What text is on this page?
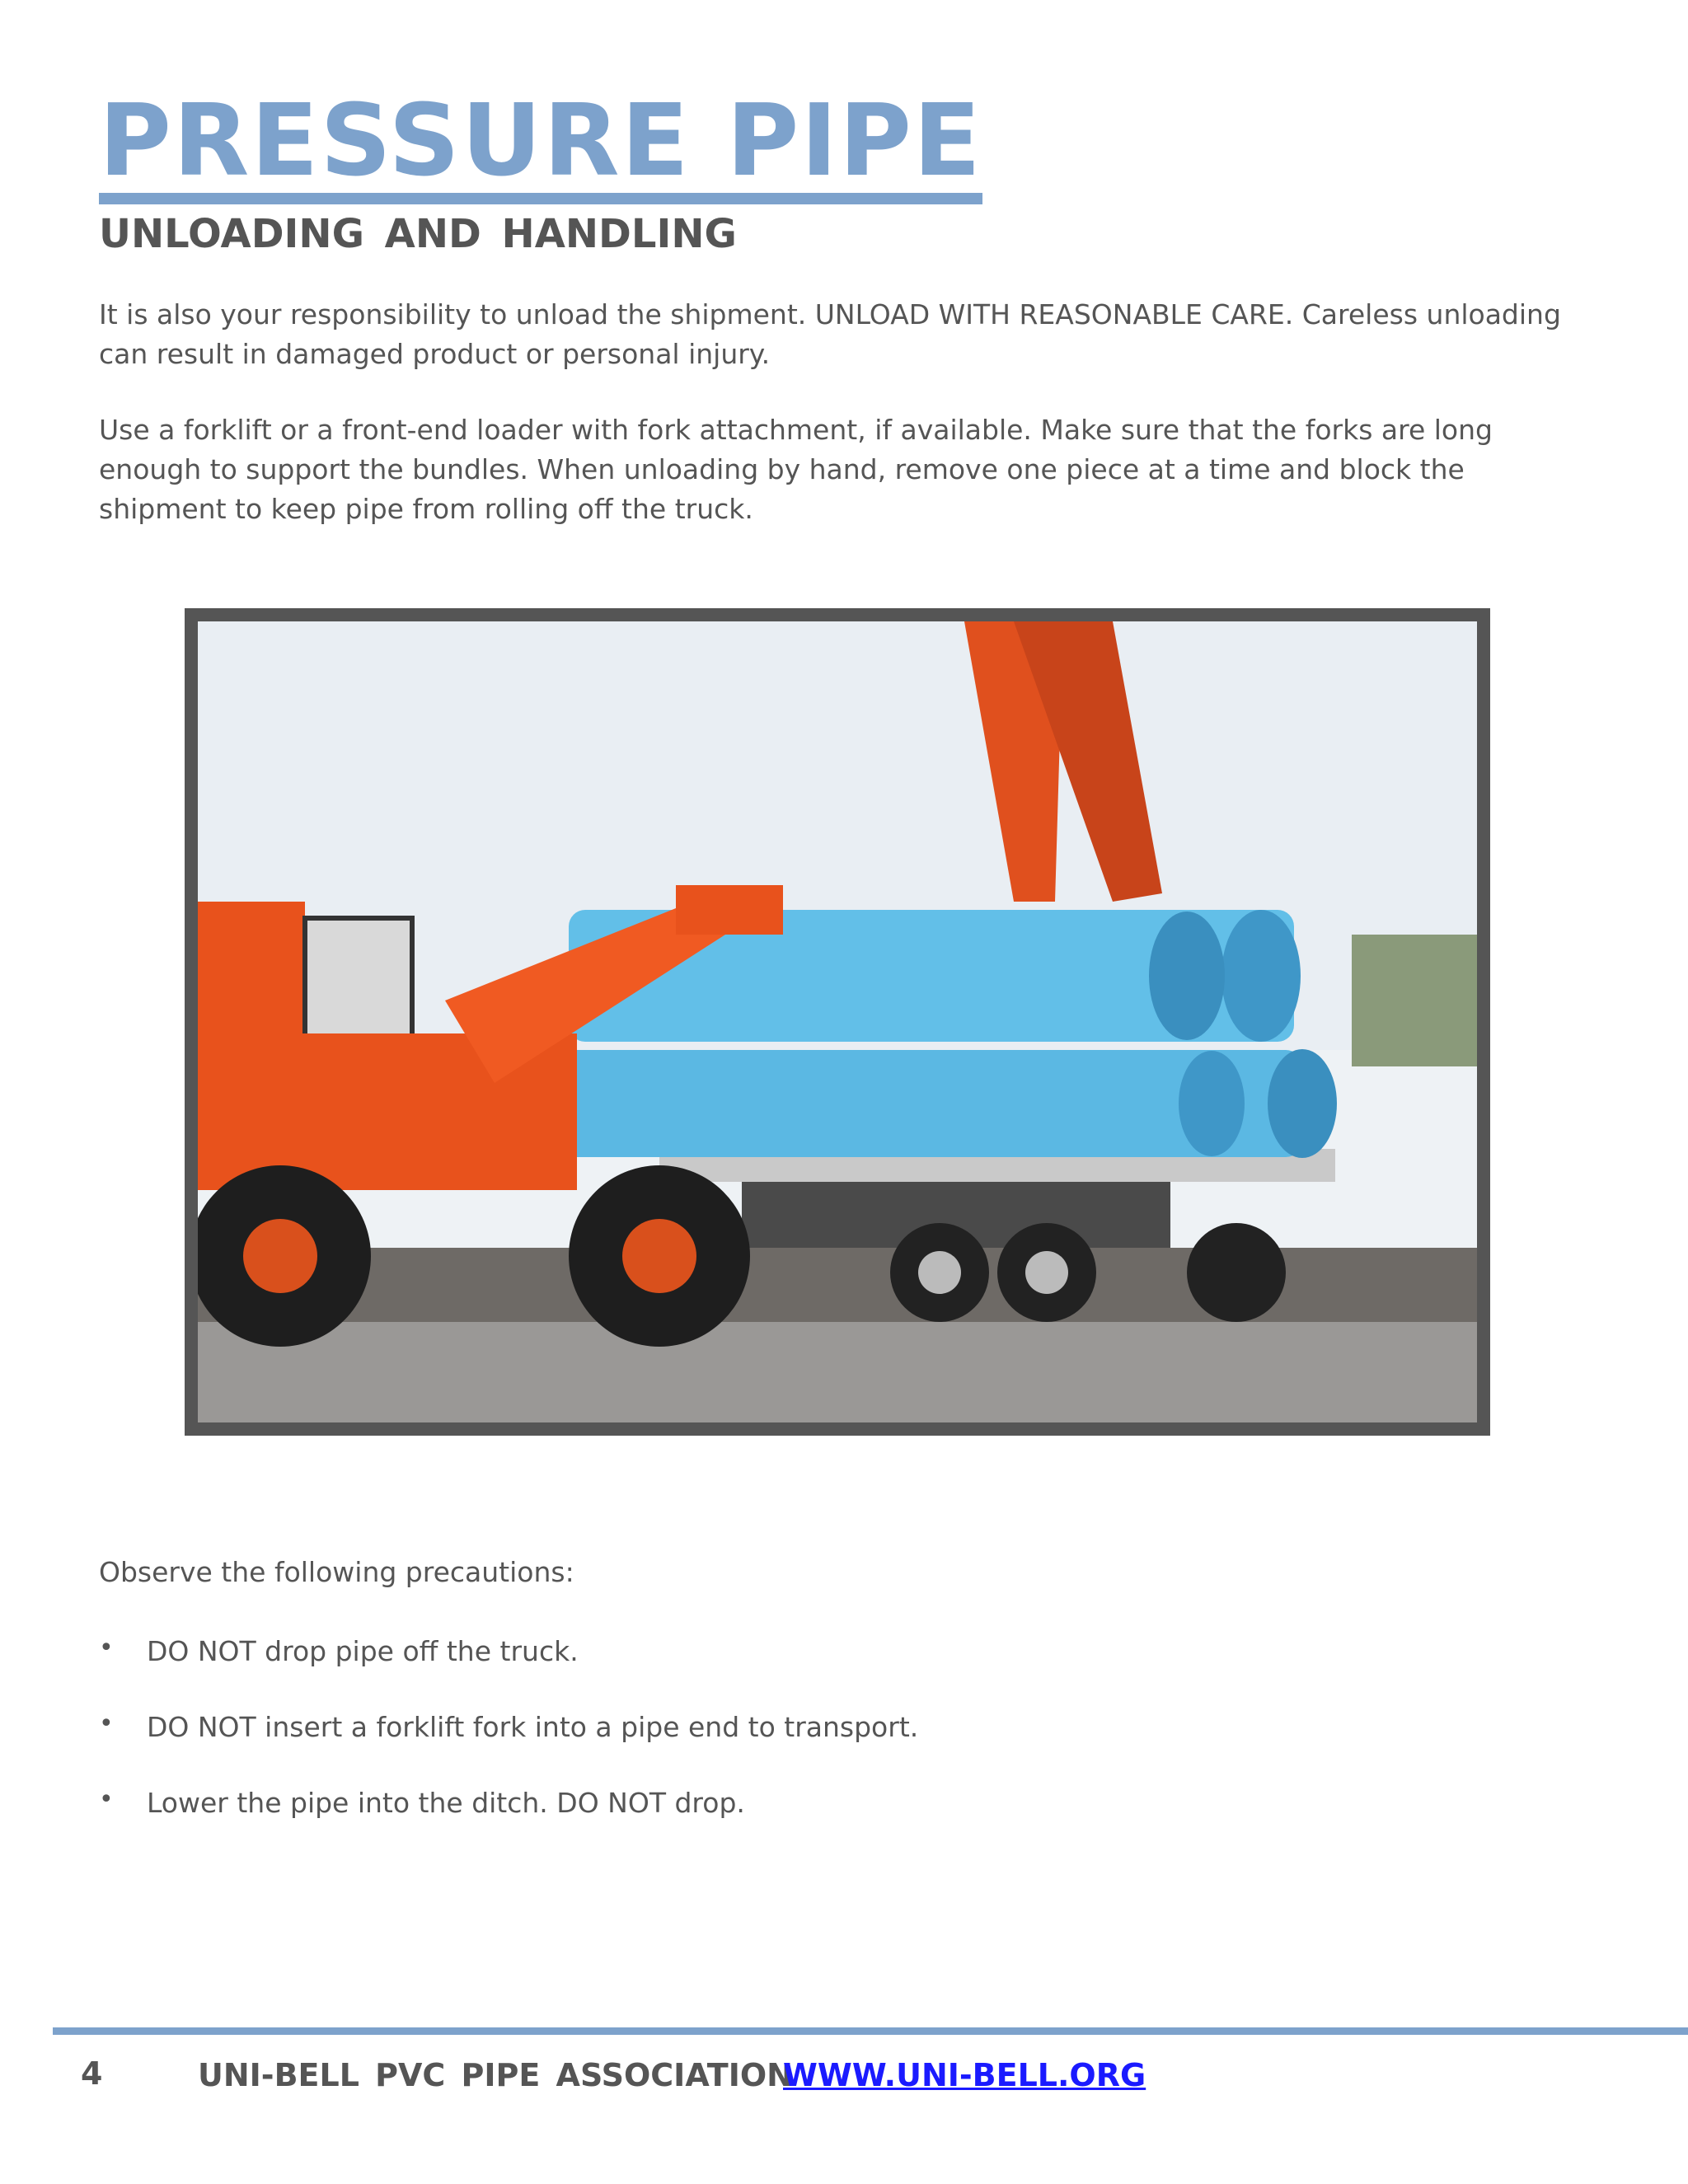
PRESSURE PIPE
UNLOADING AND HANDLING

It is also your responsibility to unload the shipment. UNLOAD WITH REASONABLE CARE. Careless unloading can result in damaged product or personal injury.

Use a forklift or a front-end loader with fork attachment, if available. Make sure that the forks are long enough to support the bundles. When unloading by hand, remove one piece at a time and block the shipment to keep pipe from rolling off the truck.

Observe the following precautions:
• DO NOT drop pipe off the truck.
• DO NOT insert a forklift fork into a pipe end to transport.
• Lower the pipe into the ditch. DO NOT drop.
4	UNI-BELL PVC PIPE ASSOCIATION
WWW.UNI-BELL.ORG
